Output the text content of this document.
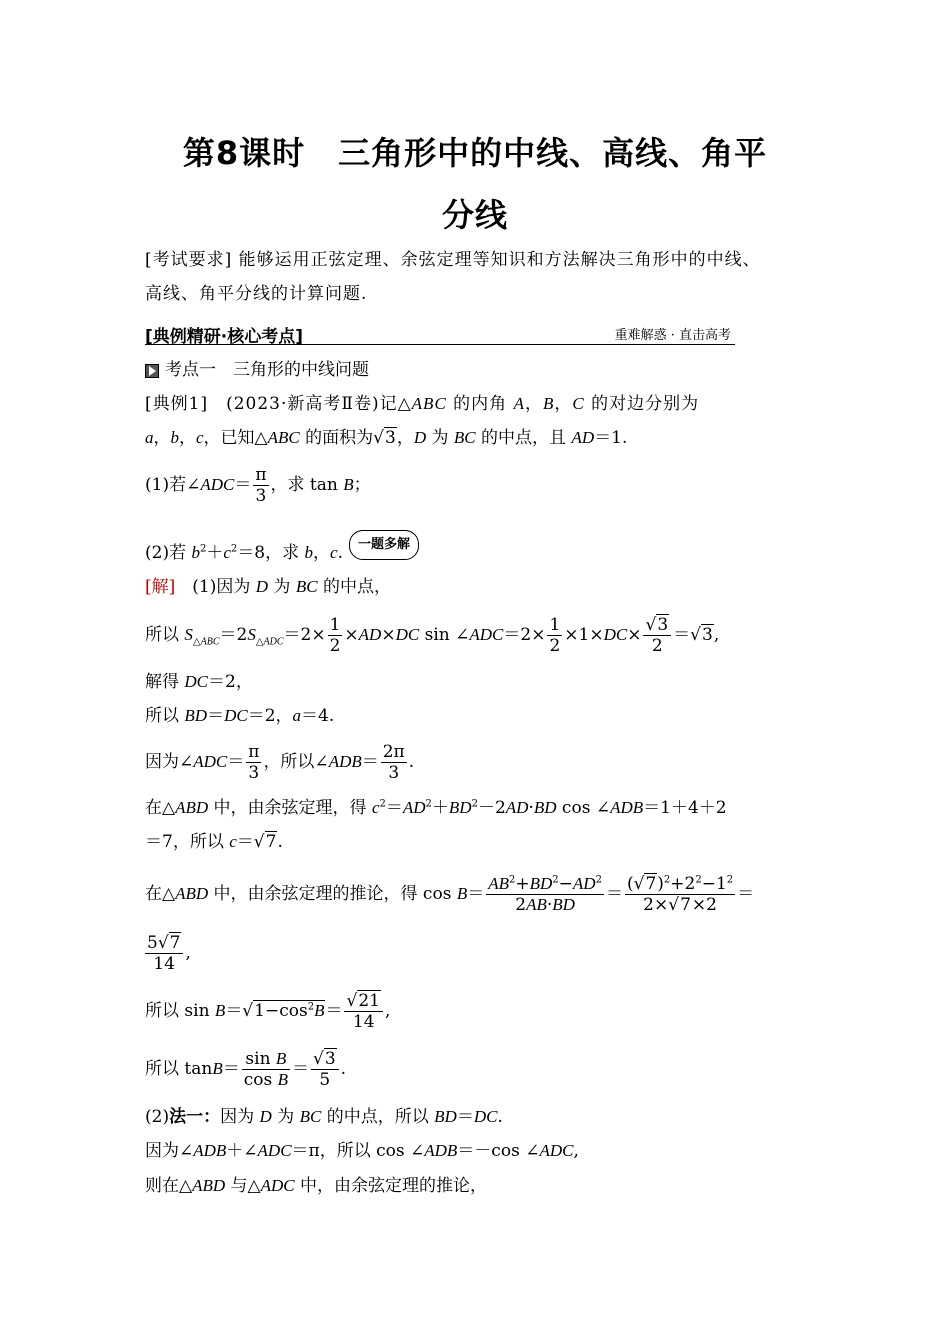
第8课时　三角形中的中线、高线、角平
分线
[考试要求] 能够运用正弦定理、余弦定理等知识和方法解决三角形中的中线、
高线、角平分线的计算问题.
[典例精研·核心考点]	重难解惑 · 直击高考
考点一　三角形的中线问题
[典例1]　 (2023·新高考Ⅱ卷)记△ABC 的内角 A，B，C 的对边分别为
a，b，c，已知△ABC 的面积为√3，D 为 BC 的中点，且 AD＝1.
(1)若∠ADC＝ $\frac{\pi}{3}$ ，求 tan B；
(2)若 $b^2+c^2=8$，求 b，c. 一题多解
[解]　(1)因为 D 为 BC 的中点，
所以 $S_{\triangle ABC}=2S_{\triangle ADC}=2\times \frac{1}{2} \times AD\times DC$ sin ∠ADC＝2× $\frac{1}{2} \times 1\times DC\times \frac{√3}{2} =√3$,
解得 DC＝2，
所以 BD＝DC＝2，a＝4.
因为∠ADC＝ $\frac{\pi}{3}$ ，所以∠ADB＝ $\frac{2\pi}{3}$ .
在△ABD 中，由余弦定理，得 $c^2=AD^2+BD^2-2AD\cdot BD$ cos ∠ADB＝1＋4＋2
＝7，所以 c＝√7.
在△ABD 中，由余弦定理的推论，得 $\cos B= \frac{AB^2+BD^2-AD^2}{2AB\cdot BD} = \frac{(√7)^2+2^2-1^2}{2\times√7\times 2}$ ＝
$\frac{5√7}{14}$ ,
所以 $\sin B=√1-\cos^2B= \frac{√21}{14}$ ,
所以 $\tan B= \frac{\text{sin B}}{\text{cos B}} = \frac{√3}{5}$ .
(2)法一：因为 D 为 BC 的中点，所以 BD＝DC.
因为∠ADB＋∠ADC＝π，所以 cos ∠ADB＝－cos ∠ADC,
则在△ABD 与△ADC 中，由余弦定理的推论，
